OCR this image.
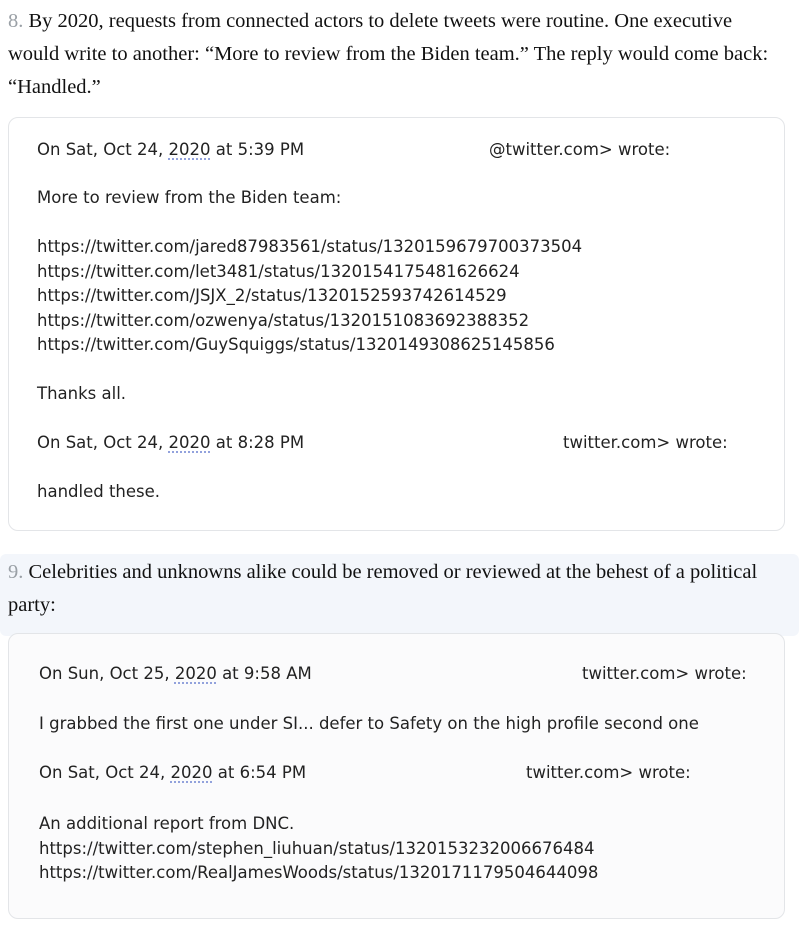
8. By 2020, requests from connected actors to delete tweets were routine. One executive would write to another: “More to review from the Biden team.” The reply would come back: “Handled.”
On Sat, Oct 24, 2020 at 5:39 PM	@twitter.com> wrote:
More to review from the Biden team:
https://twitter.com/jared87983561/status/1320159679700373504
https://twitter.com/let3481/status/1320154175481626624
https://twitter.com/JSJX_2/status/1320152593742614529
https://twitter.com/ozwenya/status/1320151083692388352
https://twitter.com/GuySquiggs/status/1320149308625145856
Thanks all.
On Sat, Oct 24, 2020 at 8:28 PM	twitter.com> wrote:
handled these.
9. Celebrities and unknowns alike could be removed or reviewed at the behest of a political party:
On Sun, Oct 25, 2020 at 9:58 AM	twitter.com> wrote:
I grabbed the first one under SI... defer to Safety on the high profile second one
On Sat, Oct 24, 2020 at 6:54 PM	twitter.com> wrote:
An additional report from DNC.
https://twitter.com/stephen_liuhuan/status/1320153232006676484
https://twitter.com/RealJamesWoods/status/1320171179504644098
